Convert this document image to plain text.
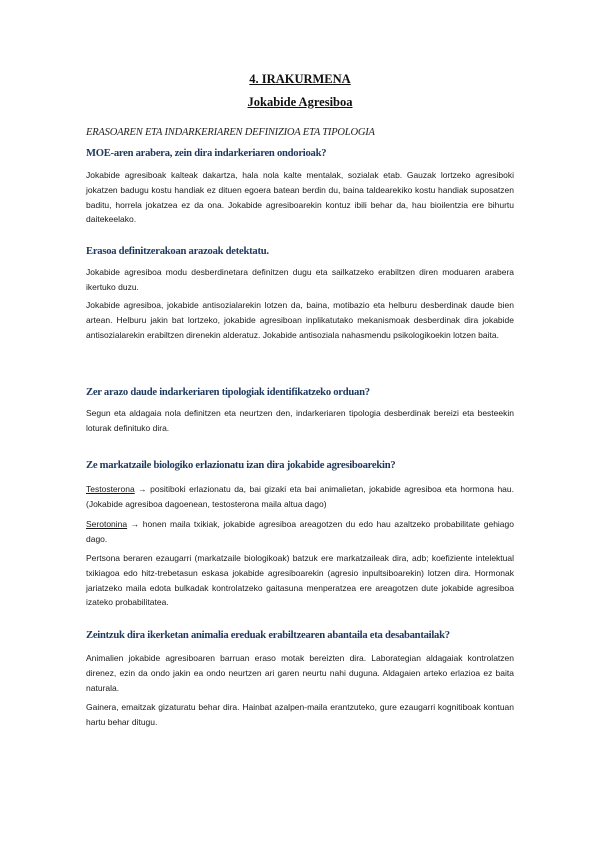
4. IRAKURMENA
Jokabide Agresiboa
ERASOAREN ETA INDARKERIAREN DEFINIZIOA ETA TIPOLOGIA
MOE-aren arabera, zein dira indarkeriaren ondorioak?
Jokabide agresiboak kalteak dakartza, hala nola kalte mentalak, sozialak etab. Gauzak lortzeko agresiboki jokatzen badugu kostu handiak ez dituen egoera batean berdin du, baina taldearekiko kostu handiak suposatzen baditu, horrela jokatzea ez da ona. Jokabide agresiboarekin kontuz ibili behar da, hau bioilentzia ere bihurtu daitekeelako.
Erasoa definitzerakoan arazoak detektatu.
Jokabide agresiboa modu desberdinetara definitzen dugu eta sailkatzeko erabiltzen diren moduaren arabera ikertuko duzu.
Jokabide agresiboa, jokabide antisozialarekin lotzen da, baina, motibazio eta helburu desberdinak daude bien artean. Helburu jakin bat lortzeko, jokabide agresiboan inplikatutako mekanismoak desberdinak dira jokabide antisozialarekin erabiltzen direnekin alderatuz. Jokabide antisoziala nahasmendu psikologikoekin lotzen baita.
Zer arazo daude indarkeriaren tipologiak identifikatzeko orduan?
Segun eta aldagaia nola definitzen eta neurtzen den, indarkeriaren tipologia desberdinak bereizi eta besteekin loturak definituko dira.
Ze markatzaile biologiko erlazionatu izan dira jokabide agresiboarekin?
Testosterona → positiboki erlazionatu da, bai gizaki eta bai animalietan, jokabide agresiboa eta hormona hau. (Jokabide agresiboa dagoenean, testosterona maila altua dago)
Serotonina → honen maila txikiak, jokabide agresiboa areagotzen du edo hau azaltzeko probabilitate gehiago dago.
Pertsona beraren ezaugarri (markatzaile biologikoak) batzuk ere markatzaileak dira, adb; koefiziente intelektual txikiagoa edo hitz-trebetasun eskasa jokabide agresiboarekin (agresio inpultsiboarekin) lotzen dira. Hormonak jariatzeko maila edota bulkadak kontrolatzeko gaitasuna menperatzea ere areagotzen dute jokabide agresiboa izateko probabilitatea.
Zeintzuk dira ikerketan animalia ereduak erabiltzearen abantaila eta desabantailak?
Animalien jokabide agresiboaren barruan eraso motak bereizten dira. Laborategian aldagaiak kontrolatzen direnez, ezin da ondo jakin ea ondo neurtzen ari garen neurtu nahi duguna. Aldagaien arteko erlazioa ez baita naturala.
Gainera, emaitzak gizaturatu behar dira. Hainbat azalpen-maila erantzuteko, gure ezaugarri kognitiboak kontuan hartu behar ditugu.
